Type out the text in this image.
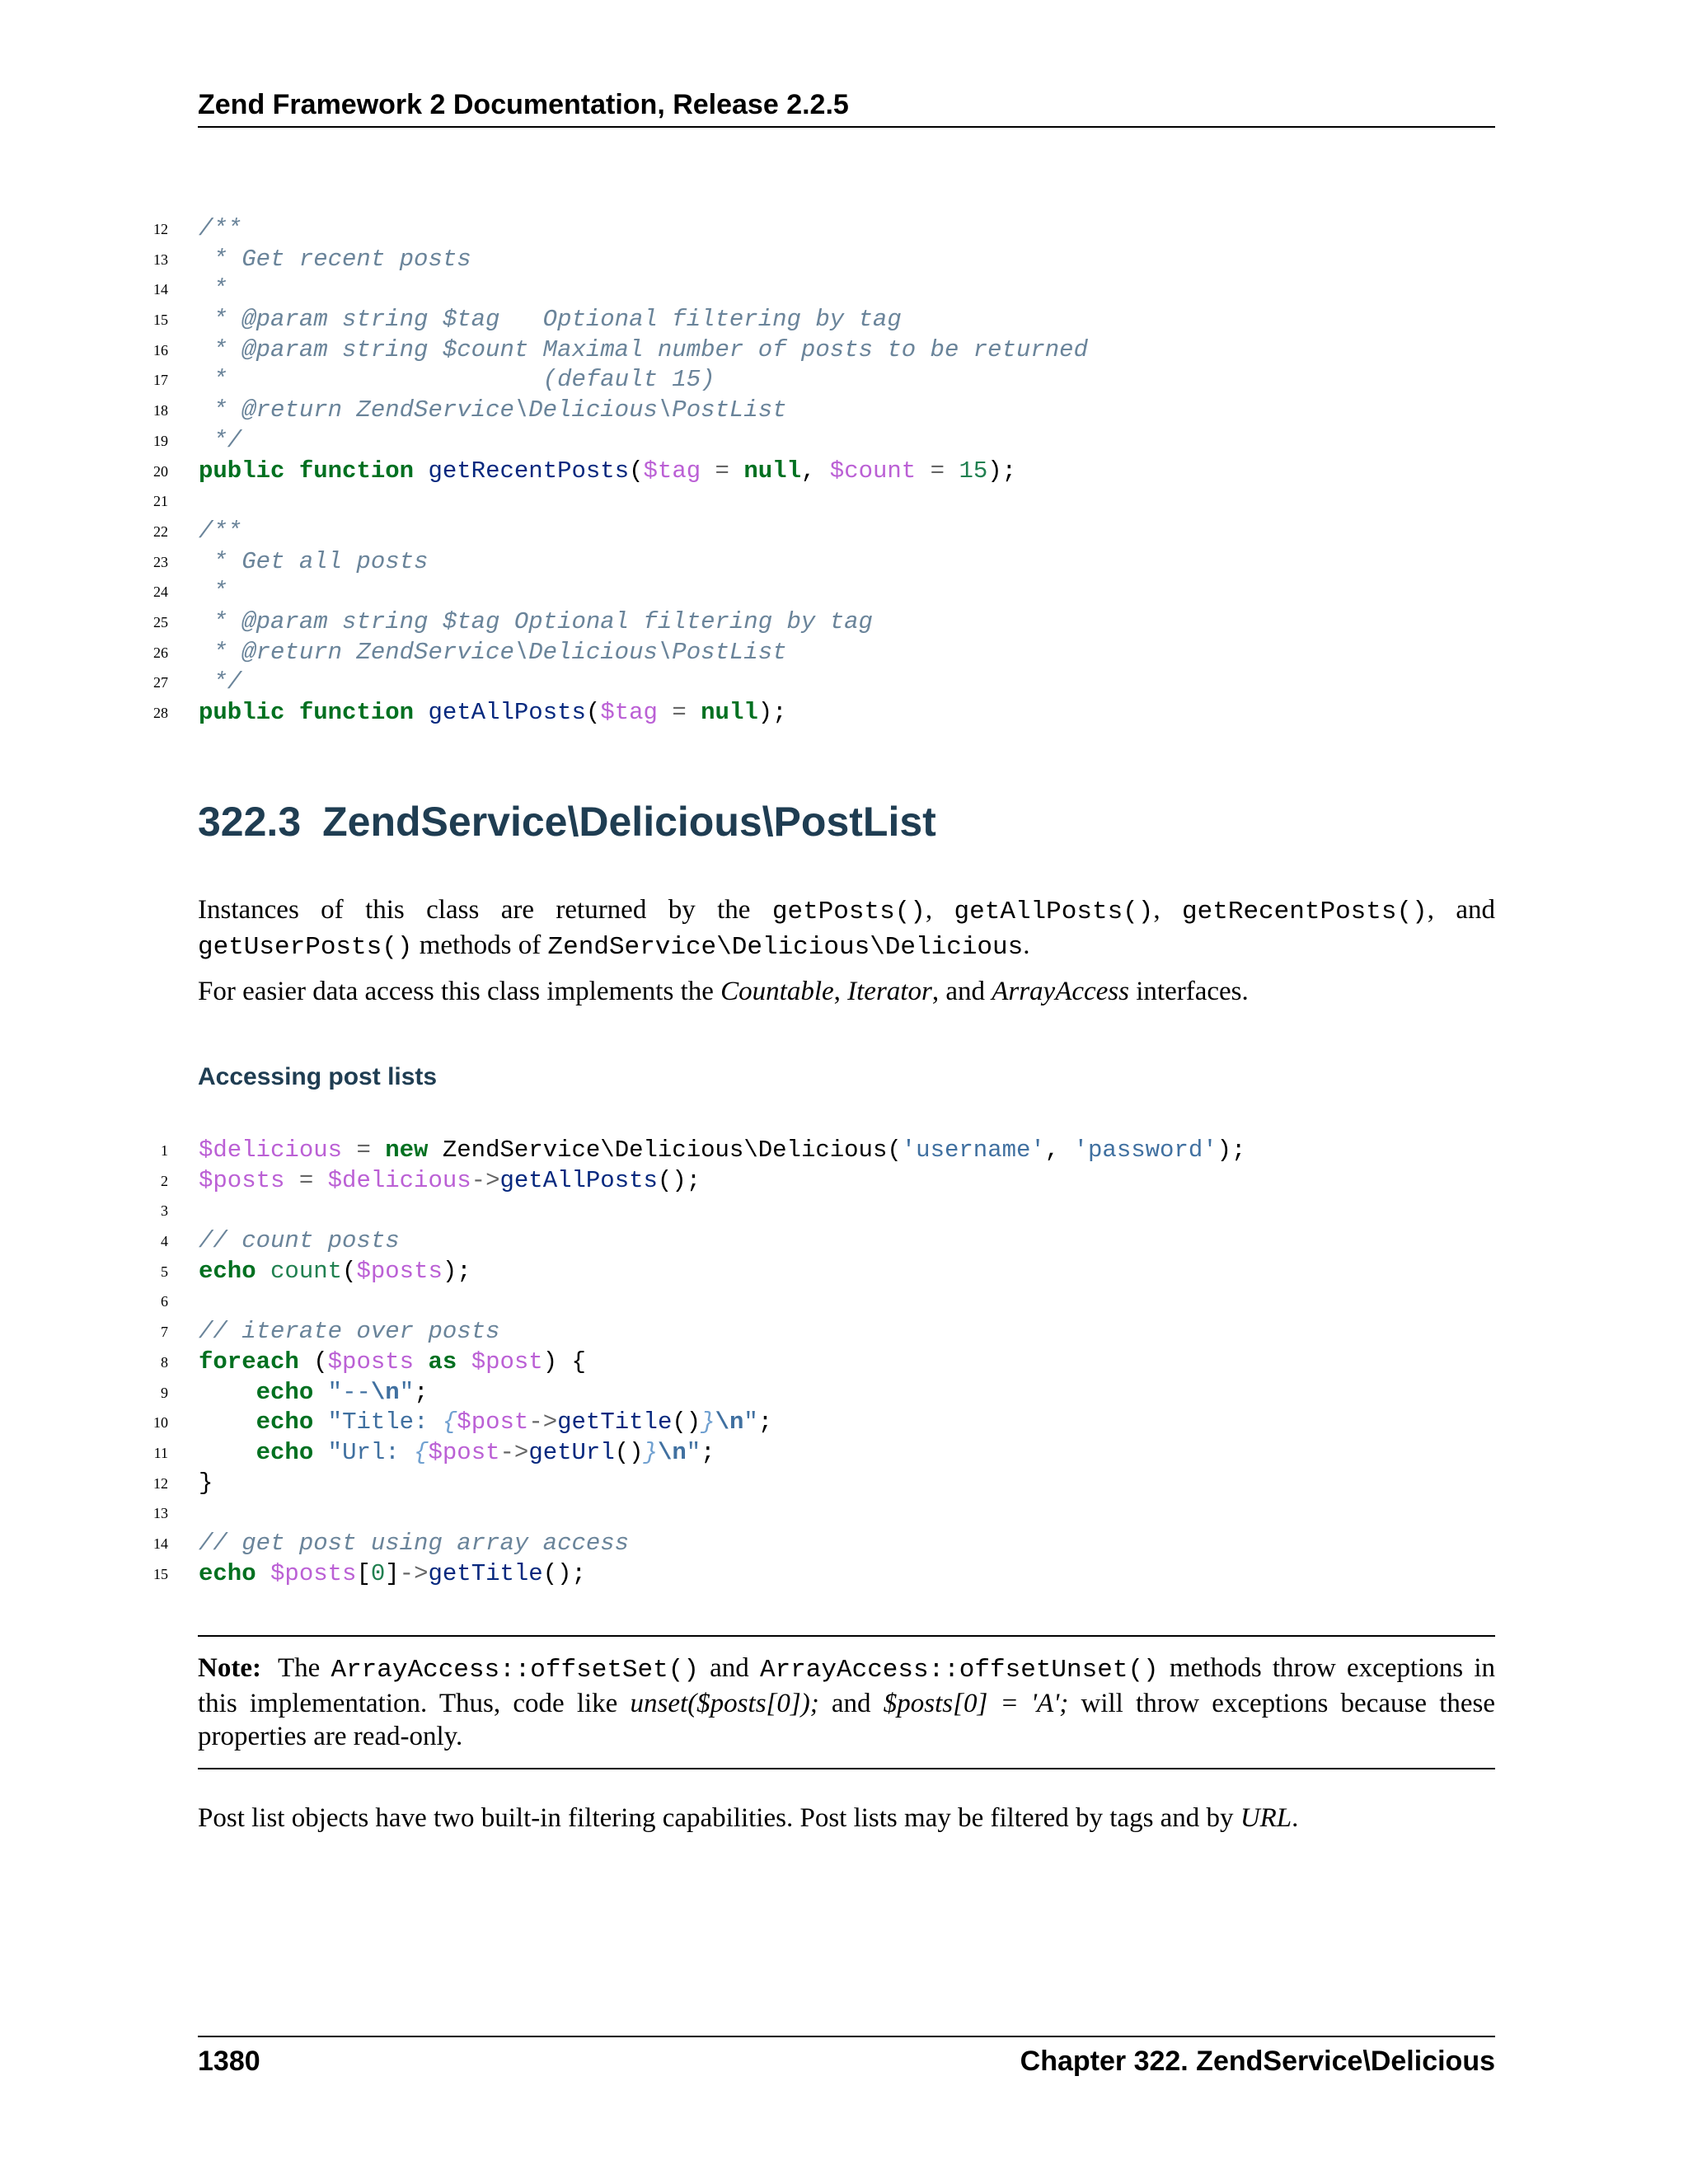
Zend Framework 2 Documentation, Release 2.2.5
12 /**
13 * Get recent posts
14 *
15 * @param string $tag   Optional filtering by tag
16 * @param string $count Maximal number of posts to be returned
17 *                      (default 15)
18 * @return ZendService\Delicious\PostList
19 */
20 public function getRecentPosts($tag = null, $count = 15);
21
22 /**
23 * Get all posts
24 *
25 * @param string $tag Optional filtering by tag
26 * @return ZendService\Delicious\PostList
27 */
28 public function getAllPosts($tag = null);
322.3 ZendService\Delicious\PostList
Instances of this class are returned by the getPosts(), getAllPosts(), getRecentPosts(), and getUserPosts() methods of ZendService\Delicious\Delicious.
For easier data access this class implements the Countable, Iterator, and ArrayAccess interfaces.
Accessing post lists
1 $delicious = new ZendService\Delicious\Delicious('username', 'password');
2 $posts = $delicious->getAllPosts();
3
4 // count posts
5 echo count($posts);
6
7 // iterate over posts
8 foreach ($posts as $post) {
9	echo "--\n";
10	echo "Title: {$post->getTitle()}\n";
11	echo "Url: {$post->getUrl()}\n";
12 }
13
14 // get post using array access
15 echo $posts[0]->getTitle();
Note: The ArrayAccess::offsetSet() and ArrayAccess::offsetUnset() methods throw exceptions in this implementation. Thus, code like unset($posts[0]); and $posts[0] = 'A'; will throw exceptions because these properties are read-only.
Post list objects have two built-in filtering capabilities. Post lists may be filtered by tags and by URL.
1380	Chapter 322. ZendService\Delicious
